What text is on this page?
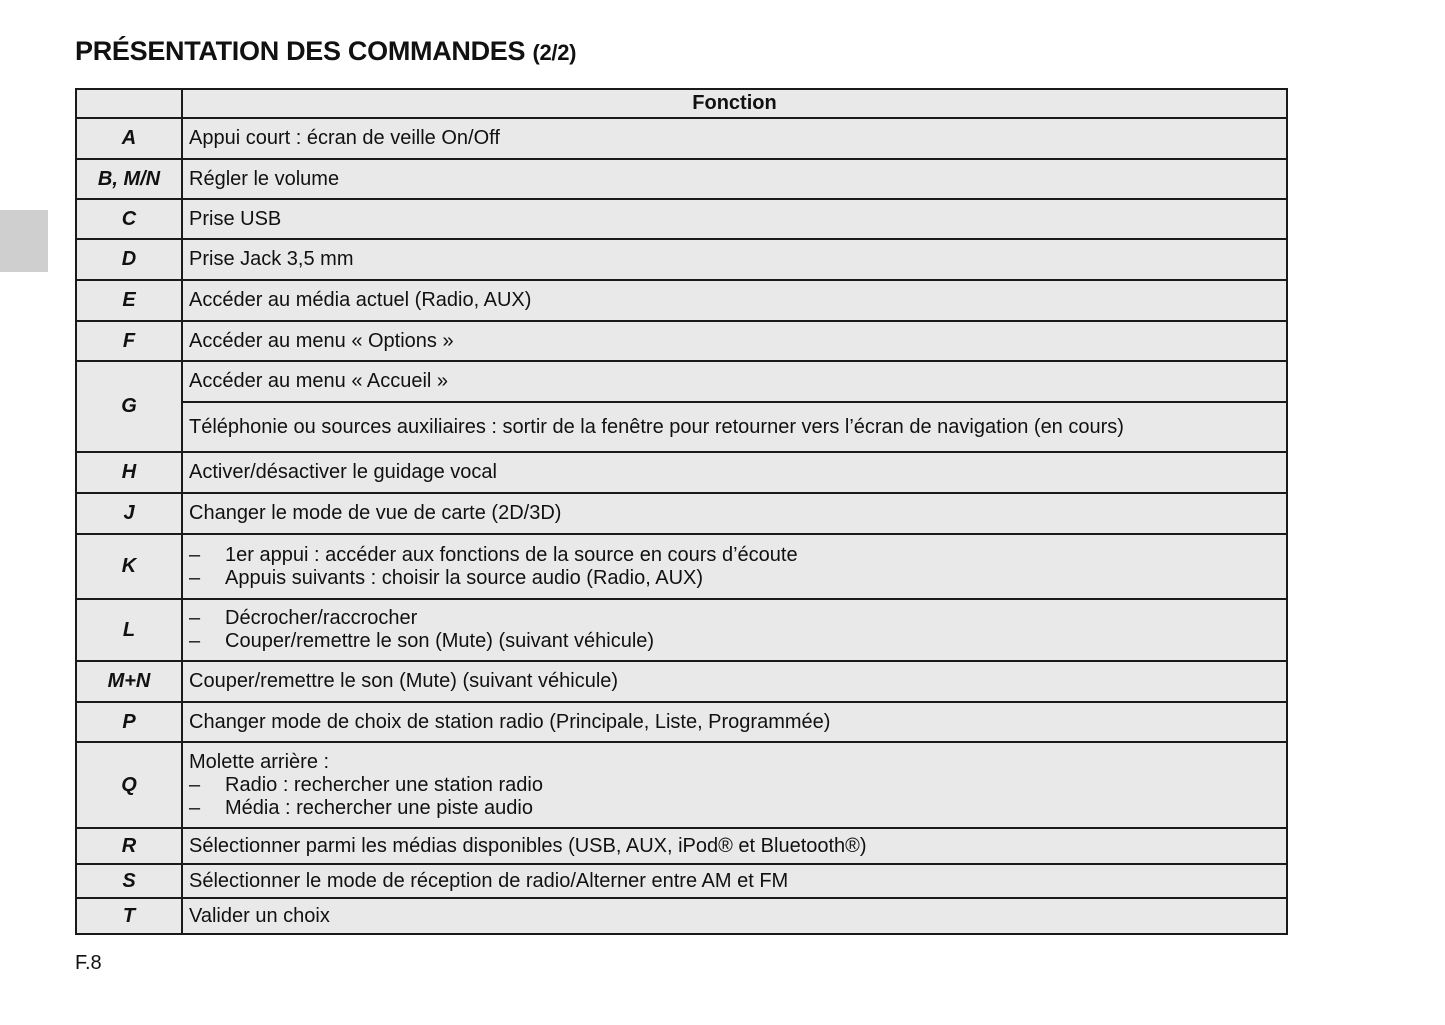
PRÉSENTATION DES COMMANDES (2/2)
	Fonction
A	Appui court : écran de veille On/Off
B, M/N	Régler le volume
C	Prise USB
D	Prise Jack 3,5 mm
E	Accéder au média actuel (Radio, AUX)
F	Accéder au menu « Options »
G	Accéder au menu « Accueil »
	Téléphonie ou sources auxiliaires : sortir de la fenêtre pour retourner vers l’écran de navigation (en cours)
H	Activer/désactiver le guidage vocal
J	Changer le mode de vue de carte (2D/3D)
K	– 1er appui : accéder aux fonctions de la source en cours d’écoute
– Appuis suivants : choisir la source audio (Radio, AUX)

L	– Décrocher/raccrocher
– Couper/remettre le son (Mute) (suivant véhicule)

M+N	Couper/remettre le son (Mute) (suivant véhicule)
P	Changer mode de choix de station radio (Principale, Liste, Programmée)
Q	Molette arrière :
– Radio : rechercher une station radio
– Média : rechercher une piste audio

R	Sélectionner parmi les médias disponibles (USB, AUX, iPod® et Bluetooth®)
S	Sélectionner le mode de réception de radio/Alterner entre AM et FM
T	Valider un choix
F.8
